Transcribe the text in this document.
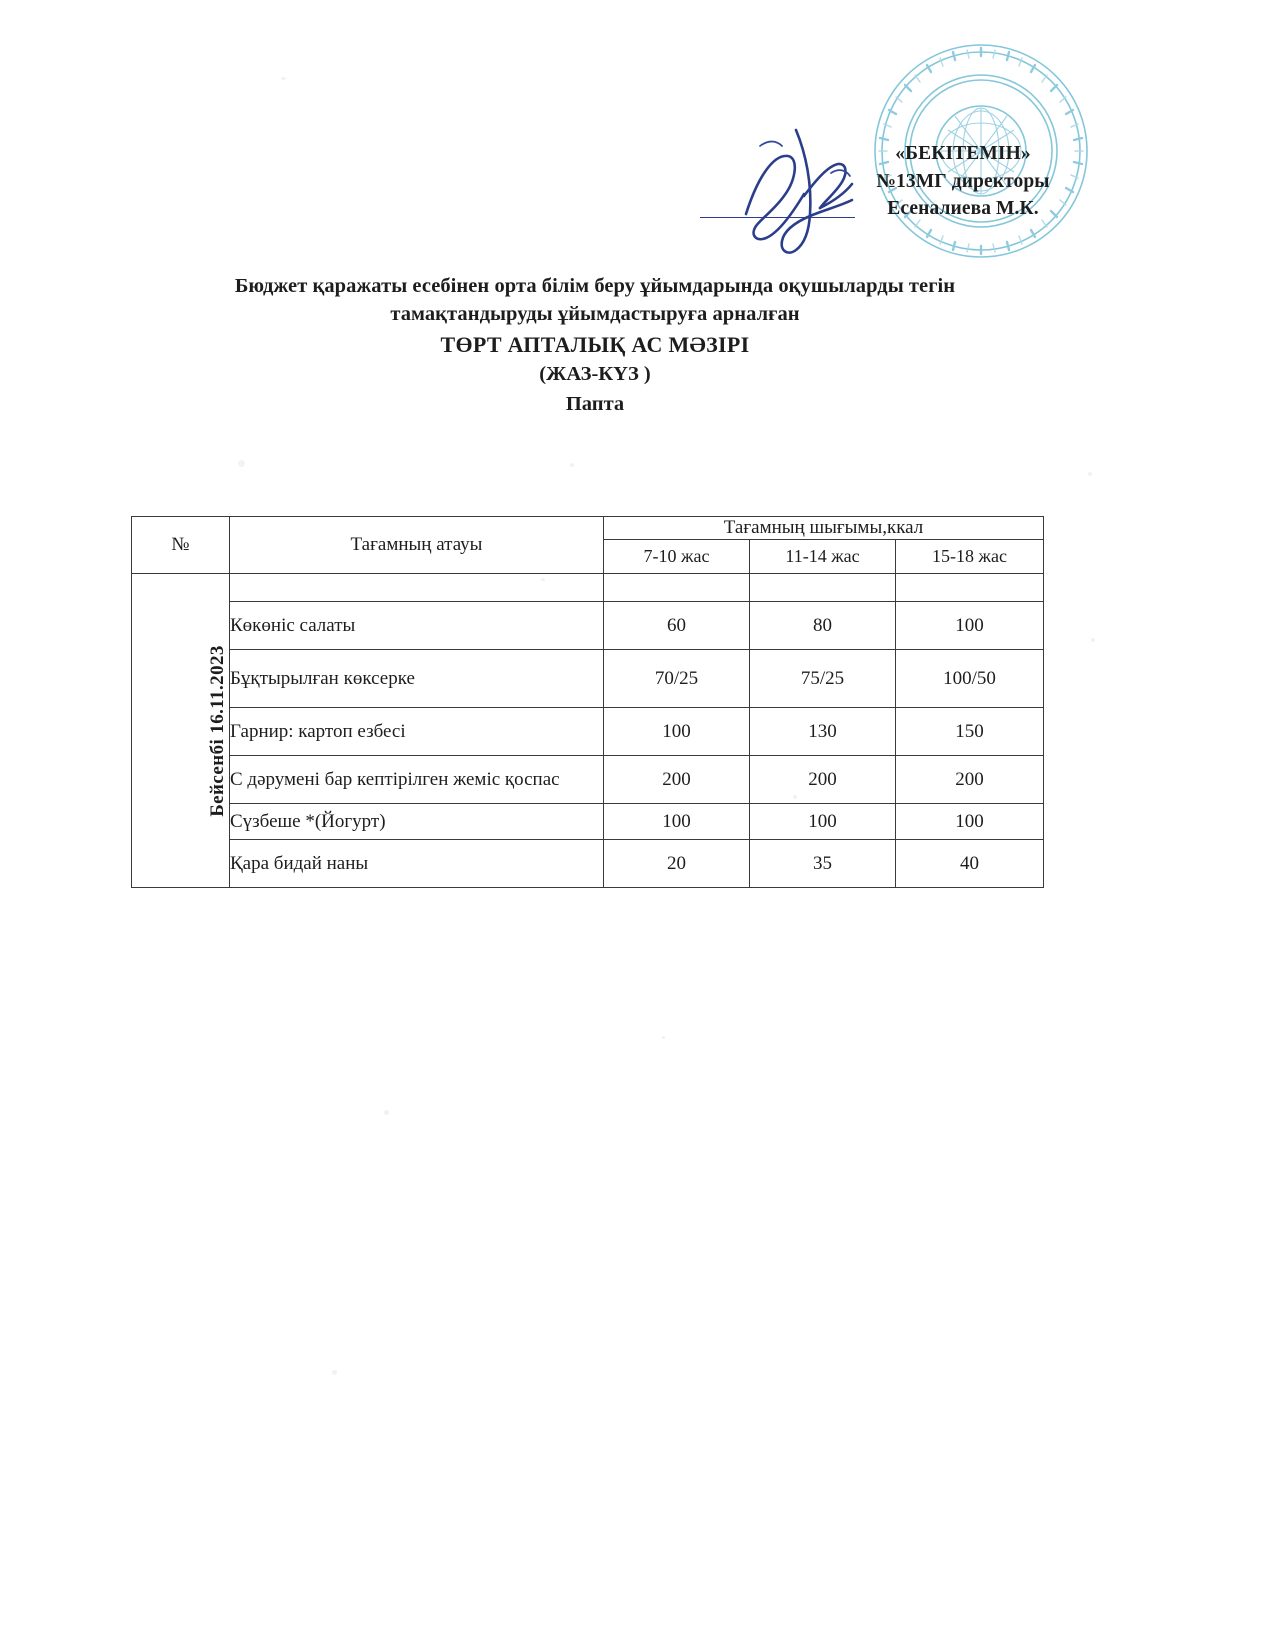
«БЕКІТЕМІН»
№13МГ директоры
Есеналиева М.К.
Бюджет қаражаты есебінен орта білім беру ұйымдарында оқушыларды тегін
тамақтандыруды ұйымдастыруға арналған
ТӨРТ АПТАЛЫҚ АС МӘЗІРІ
(ЖАЗ-КҮЗ )
Папта
№	Тағамның атауы	Тағамның шығымы,ккал		
		7-10 жас	11-14 жас	15-18 жас
Бейсенбі 16.11.2023				
	Көкөніс салаты	60	80	100
	Бұқтырылған көксерке	70/25	75/25	100/50
	Гарнир: картоп езбесі	100	130	150
	С дәрумені бар кептірілген жеміс қоспас	200	200	200
	Сүзбеше *(Йогурт)	100	100	100
	Қара бидай наны	20	35	40
